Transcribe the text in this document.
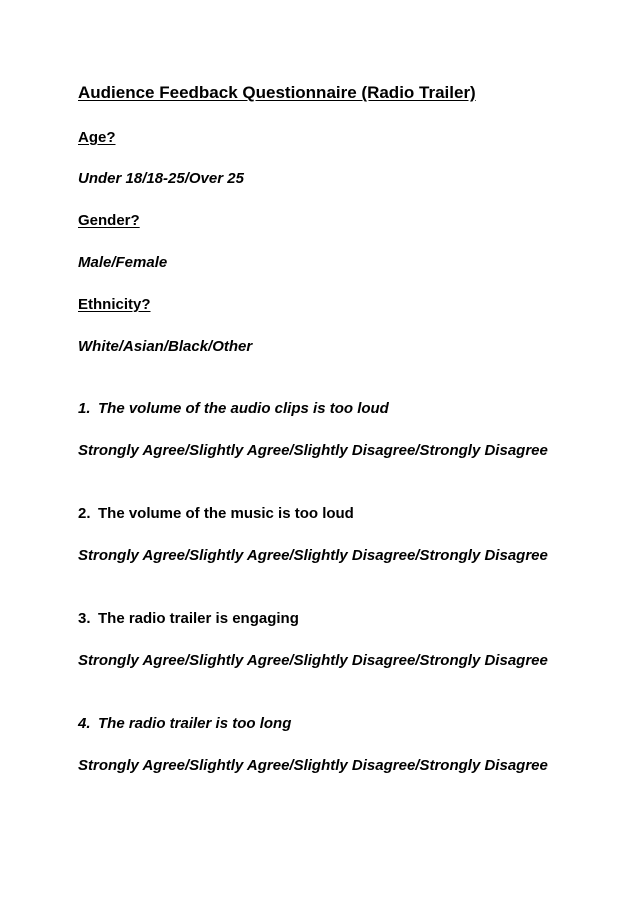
Audience Feedback Questionnaire (Radio Trailer)
Age?
Under 18/18-25/Over 25
Gender?
Male/Female
Ethnicity?
White/Asian/Black/Other
1. The volume of the audio clips is too loud
Strongly Agree/Slightly Agree/Slightly Disagree/Strongly Disagree
2. The volume of the music is too loud
Strongly Agree/Slightly Agree/Slightly Disagree/Strongly Disagree
3. The radio trailer is engaging
Strongly Agree/Slightly Agree/Slightly Disagree/Strongly Disagree
4. The radio trailer is too long
Strongly Agree/Slightly Agree/Slightly Disagree/Strongly Disagree
